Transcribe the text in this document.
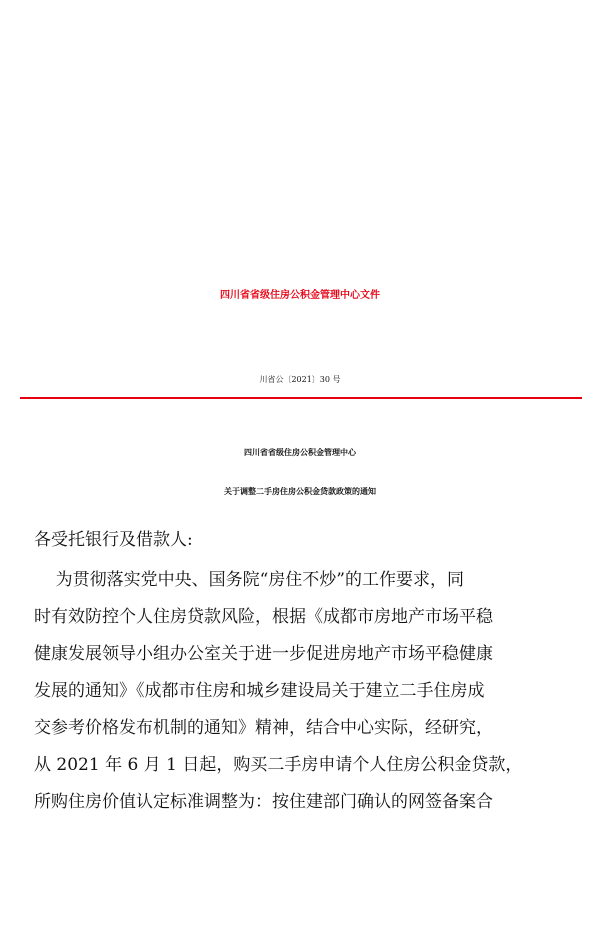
四川省省级住房公积金管理中心文件
川省公〔2021〕30 号
四川省省级住房公积金管理中心
关于调整二手房住房公积金贷款政策的通知
各受托银行及借款人:
为贯彻落实党中央、国务院“房住不炒”的工作要求，同
时有效防控个人住房贷款风险，根据《成都市房地产市场平稳
健康发展领导小组办公室关于进一步促进房地产市场平稳健康
发展的通知》《成都市住房和城乡建设局关于建立二手住房成
交参考价格发布机制的通知》精神，结合中心实际，经研究，
从 2021 年 6 月 1 日起，购买二手房申请个人住房公积金贷款，
所购住房价值认定标准调整为：按住建部门确认的网签备案合
